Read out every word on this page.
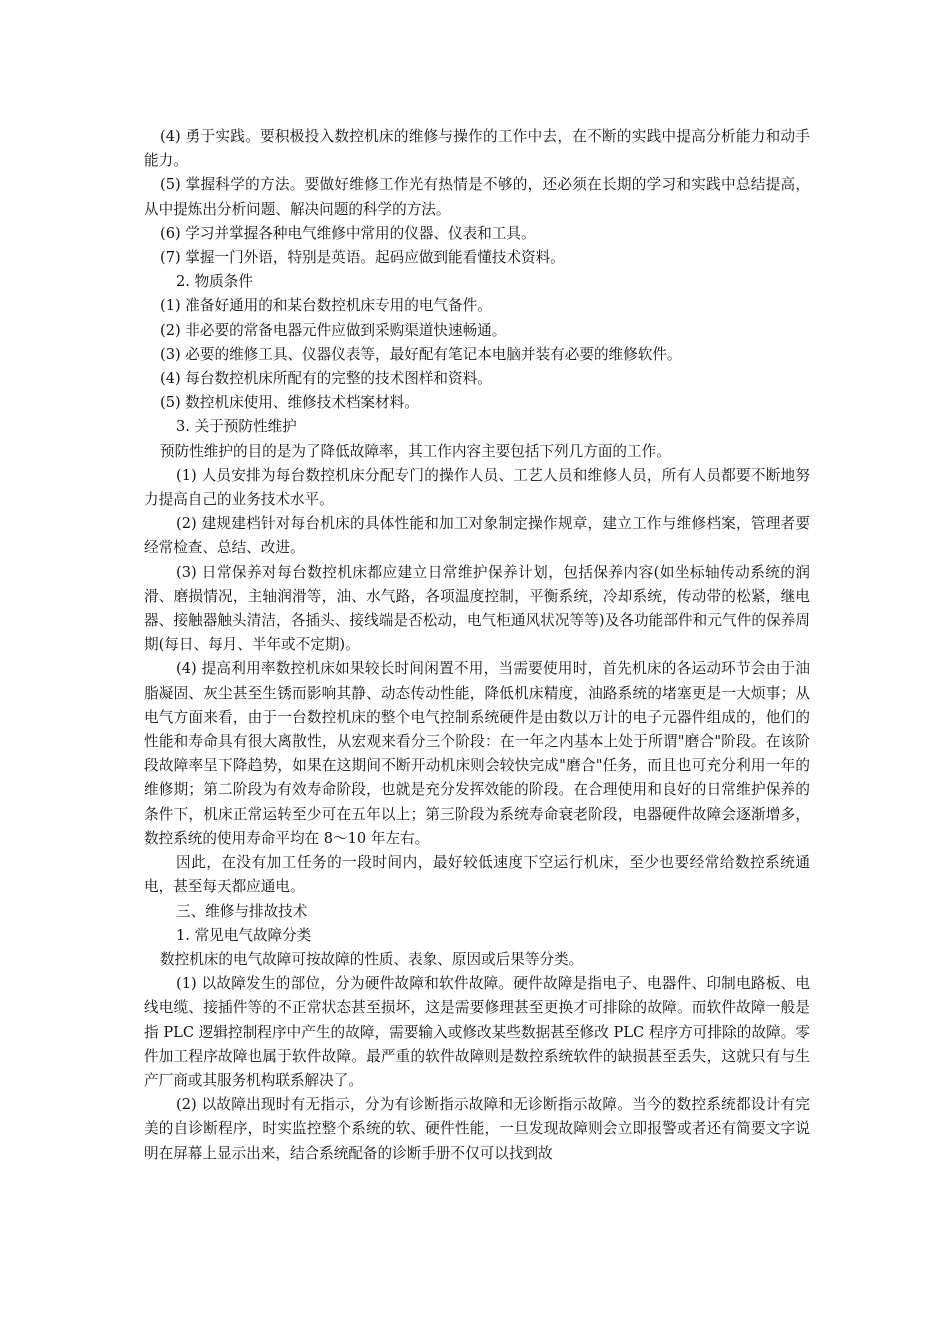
(4) 勇于实践。要积极投入数控机床的维修与操作的工作中去，在不断的实践中提高分析能力和动手能力。

(5) 掌握科学的方法。要做好维修工作光有热情是不够的，还必须在长期的学习和实践中总结提高，从中提炼出分析问题、解决问题的科学的方法。

(6) 学习并掌握各种电气维修中常用的仪器、仪表和工具。

(7) 掌握一门外语，特别是英语。起码应做到能看懂技术资料。

2. 物质条件

(1) 准备好通用的和某台数控机床专用的电气备件。

(2) 非必要的常备电器元件应做到采购渠道快速畅通。

(3) 必要的维修工具、仪器仪表等，最好配有笔记本电脑并装有必要的维修软件。

(4) 每台数控机床所配有的完整的技术图样和资料。

(5) 数控机床使用、维修技术档案材料。

3. 关于预防性维护

预防性维护的目的是为了降低故障率，其工作内容主要包括下列几方面的工作。

(1) 人员安排为每台数控机床分配专门的操作人员、工艺人员和维修人员，所有人员都要不断地努力提高自己的业务技术水平。

(2) 建规建档针对每台机床的具体性能和加工对象制定操作规章，建立工作与维修档案，管理者要经常检查、总结、改进。

(3) 日常保养对每台数控机床都应建立日常维护保养计划，包括保养内容(如坐标轴传动系统的润滑、磨损情况，主轴润滑等，油、水气路，各项温度控制，平衡系统，冷却系统，传动带的松紧，继电器、接触器触头清洁，各插头、接线端是否松动，电气柜通风状况等等)及各功能部件和元气件的保养周期(每日、每月、半年或不定期)。

(4) 提高利用率数控机床如果较长时间闲置不用，当需要使用时，首先机床的各运动环节会由于油脂凝固、灰尘甚至生锈而影响其静、动态传动性能，降低机床精度，油路系统的堵塞更是一大烦事；从电气方面来看，由于一台数控机床的整个电气控制系统硬件是由数以万计的电子元器件组成的，他们的性能和寿命具有很大离散性，从宏观来看分三个阶段：在一年之内基本上处于所谓"磨合"阶段。在该阶段故障率呈下降趋势，如果在这期间不断开动机床则会较快完成"磨合"任务，而且也可充分利用一年的维修期；第二阶段为有效寿命阶段，也就是充分发挥效能的阶段。在合理使用和良好的日常维护保养的条件下，机床正常运转至少可在五年以上；第三阶段为系统寿命衰老阶段，电器硬件故障会逐渐增多，数控系统的使用寿命平均在 8～10 年左右。

因此，在没有加工任务的一段时间内，最好较低速度下空运行机床，至少也要经常给数控系统通电，甚至每天都应通电。

三、维修与排故技术

1. 常见电气故障分类

数控机床的电气故障可按故障的性质、表象、原因或后果等分类。

(1) 以故障发生的部位，分为硬件故障和软件故障。硬件故障是指电子、电器件、印制电路板、电线电缆、接插件等的不正常状态甚至损坏，这是需要修理甚至更换才可排除的故障。而软件故障一般是指 PLC 逻辑控制程序中产生的故障，需要输入或修改某些数据甚至修改 PLC 程序方可排除的故障。零件加工程序故障也属于软件故障。最严重的软件故障则是数控系统软件的缺损甚至丢失，这就只有与生产厂商或其服务机构联系解决了。

(2) 以故障出现时有无指示，分为有诊断指示故障和无诊断指示故障。当今的数控系统都设计有完美的自诊断程序，时实监控整个系统的软、硬件性能，一旦发现故障则会立即报警或者还有简要文字说明在屏幕上显示出来，结合系统配备的诊断手册不仅可以找到故
